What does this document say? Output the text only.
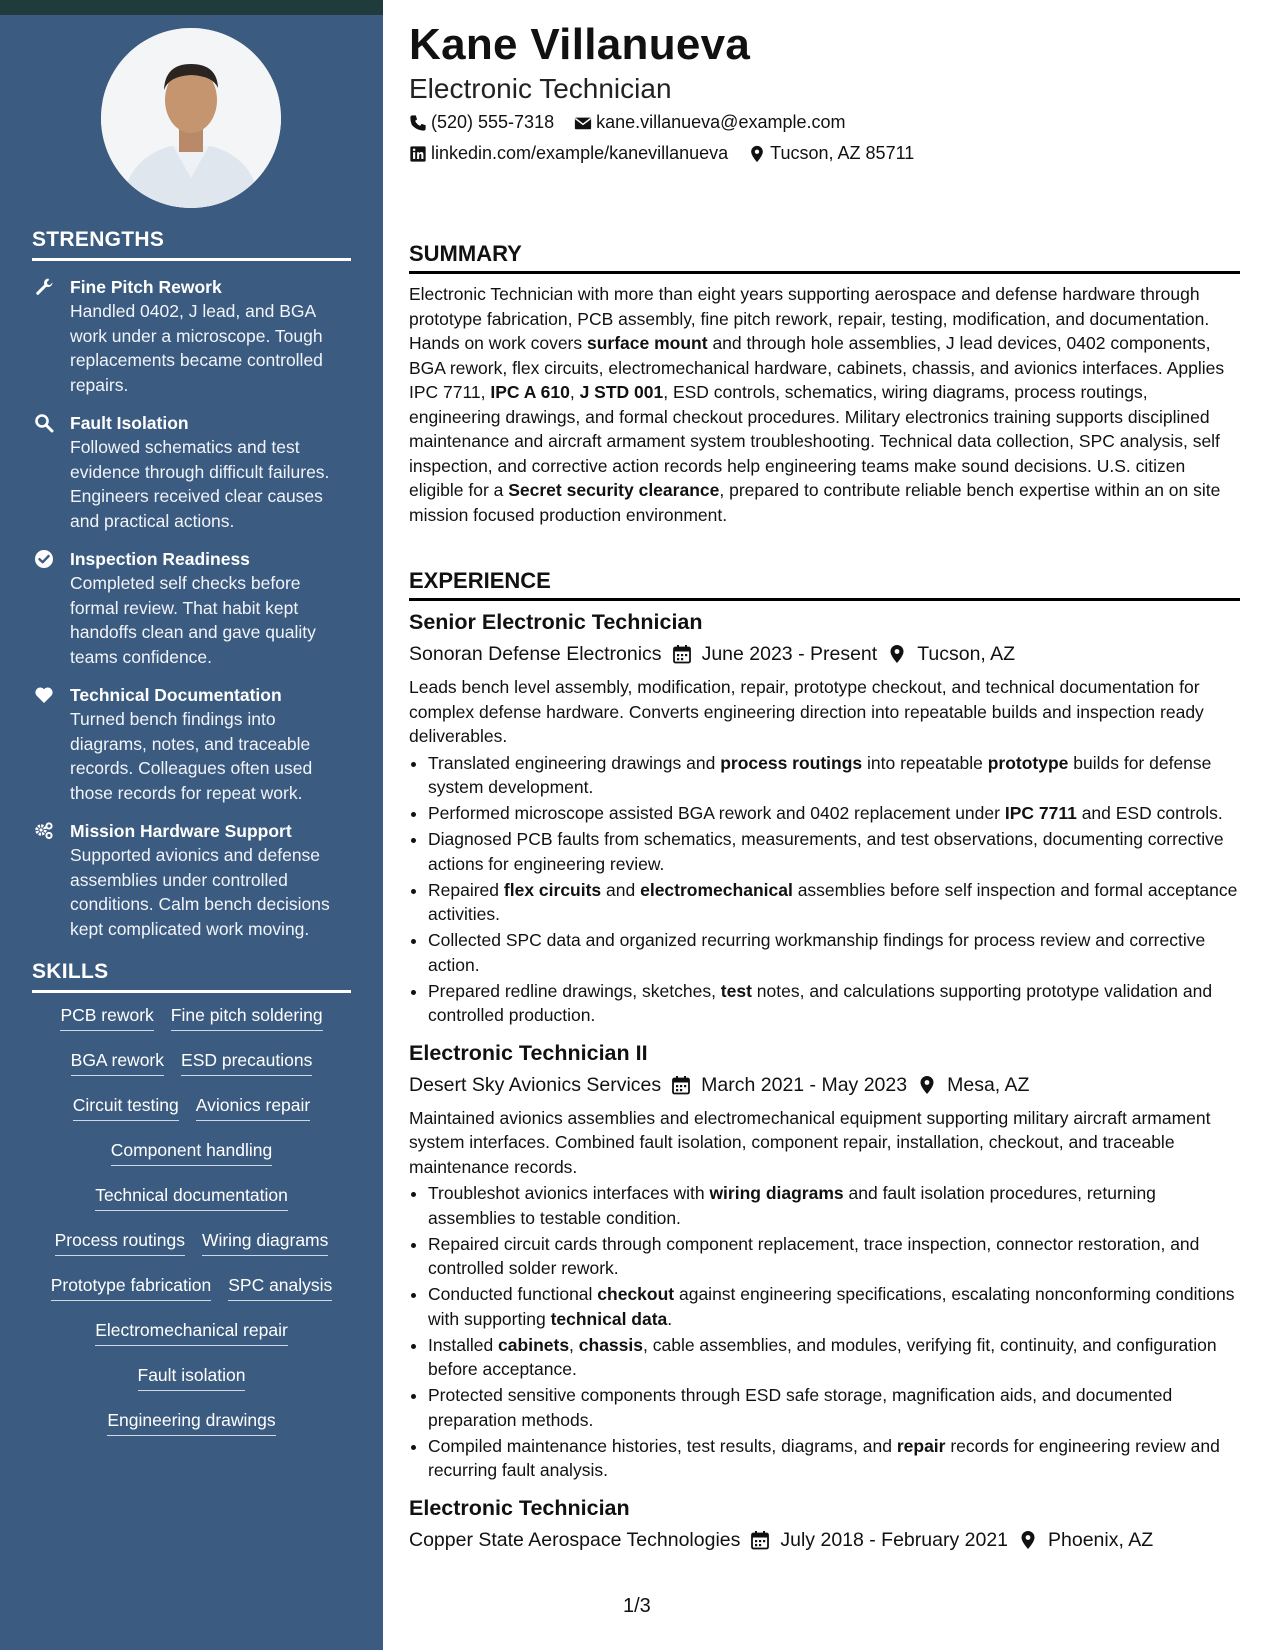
STRENGTHS
Fine Pitch Rework
Handled 0402, J lead, and BGA work under a microscope. Tough replacements became controlled repairs.
Fault Isolation
Followed schematics and test evidence through difficult failures. Engineers received clear causes and practical actions.
Inspection Readiness
Completed self checks before formal review. That habit kept handoffs clean and gave quality teams confidence.
Technical Documentation
Turned bench findings into diagrams, notes, and traceable records. Colleagues often used those records for repeat work.
Mission Hardware Support
Supported avionics and defense assemblies under controlled conditions. Calm bench decisions kept complicated work moving.
SKILLS
PCB rework Fine pitch soldering
BGA rework ESD precautions
Circuit testing Avionics repair
Component handling
Technical documentation
Process routings Wiring diagrams
Prototype fabrication SPC analysis
Electromechanical repair
Fault isolation
Engineering drawings
Kane Villanueva
Electronic Technician
(520) 555-7318 kane.villanueva@example.com
linkedin.com/example/kanevillanueva Tucson, AZ 85711
SUMMARY
Electronic Technician with more than eight years supporting aerospace and defense hardware through prototype fabrication, PCB assembly, fine pitch rework, repair, testing, modification, and documentation. Hands on work covers surface mount and through hole assemblies, J lead devices, 0402 components, BGA rework, flex circuits, electromechanical hardware, cabinets, chassis, and avionics interfaces. Applies IPC 7711, IPC A 610, J STD 001, ESD controls, schematics, wiring diagrams, process routings, engineering drawings, and formal checkout procedures. Military electronics training supports disciplined maintenance and aircraft armament system troubleshooting. Technical data collection, SPC analysis, self inspection, and corrective action records help engineering teams make sound decisions. U.S. citizen eligible for a Secret security clearance, prepared to contribute reliable bench expertise within an on site mission focused production environment.
EXPERIENCE
Senior Electronic Technician
Sonoran Defense Electronics June 2023 - Present Tucson, AZ
Leads bench level assembly, modification, repair, prototype checkout, and technical documentation for complex defense hardware. Converts engineering direction into repeatable builds and inspection ready deliverables.
• Translated engineering drawings and process routings into repeatable prototype builds for defense system development.
• Performed microscope assisted BGA rework and 0402 replacement under IPC 7711 and ESD controls.
• Diagnosed PCB faults from schematics, measurements, and test observations, documenting corrective actions for engineering review.
• Repaired flex circuits and electromechanical assemblies before self inspection and formal acceptance activities.
• Collected SPC data and organized recurring workmanship findings for process review and corrective action.
• Prepared redline drawings, sketches, test notes, and calculations supporting prototype validation and controlled production.
Electronic Technician II
Desert Sky Avionics Services March 2021 - May 2023 Mesa, AZ
Maintained avionics assemblies and electromechanical equipment supporting military aircraft armament system interfaces. Combined fault isolation, component repair, installation, checkout, and traceable maintenance records.
• Troubleshot avionics interfaces with wiring diagrams and fault isolation procedures, returning assemblies to testable condition.
• Repaired circuit cards through component replacement, trace inspection, connector restoration, and controlled solder rework.
• Conducted functional checkout against engineering specifications, escalating nonconforming conditions with supporting technical data.
• Installed cabinets, chassis, cable assemblies, and modules, verifying fit, continuity, and configuration before acceptance.
• Protected sensitive components through ESD safe storage, magnification aids, and documented preparation methods.
• Compiled maintenance histories, test results, diagrams, and repair records for engineering review and recurring fault analysis.
Electronic Technician
Copper State Aerospace Technologies July 2018 - February 2021 Phoenix, AZ
1/3
